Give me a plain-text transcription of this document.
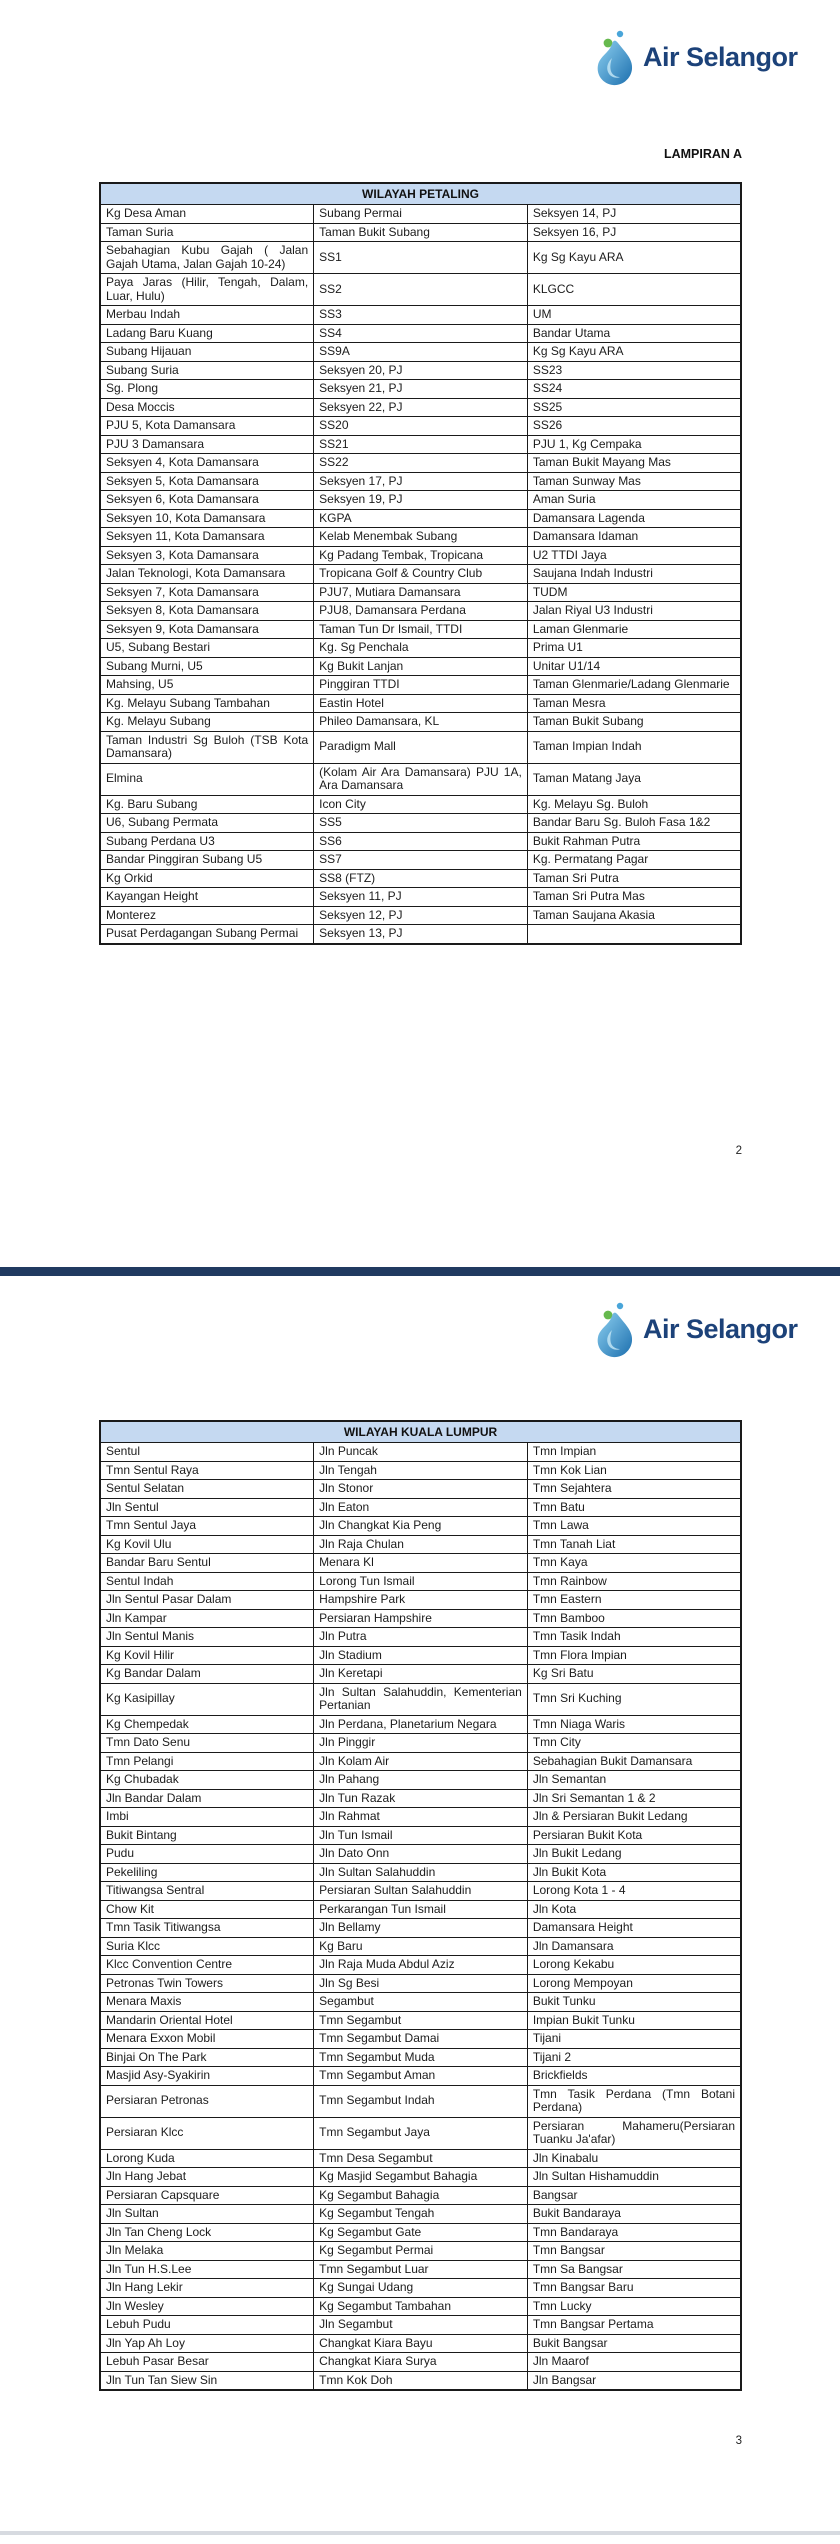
Air Selangor
LAMPIRAN A
WILAYAH PETALING		
Kg Desa Aman	Subang Permai	Seksyen 14, PJ
Taman Suria	Taman Bukit Subang	Seksyen 16, PJ
Sebahagian Kubu Gajah ( Jalan Gajah Utama, Jalan Gajah 10-24)	SS1	Kg Sg Kayu ARA
Paya Jaras (Hilir, Tengah, Dalam, Luar, Hulu)	SS2	KLGCC
Merbau Indah	SS3	UM
Ladang Baru Kuang	SS4	Bandar Utama
Subang Hijauan	SS9A	Kg Sg Kayu ARA
Subang Suria	Seksyen 20, PJ	SS23
Sg. Plong	Seksyen 21, PJ	SS24
Desa Moccis	Seksyen 22, PJ	SS25
PJU 5, Kota Damansara	SS20	SS26
PJU 3 Damansara	SS21	PJU 1, Kg Cempaka
Seksyen 4, Kota Damansara	SS22	Taman Bukit Mayang Mas
Seksyen 5, Kota Damansara	Seksyen 17, PJ	Taman Sunway Mas
Seksyen 6, Kota Damansara	Seksyen 19, PJ	Aman Suria
Seksyen 10, Kota Damansara	KGPA	Damansara Lagenda
Seksyen 11, Kota Damansara	Kelab Menembak Subang	Damansara Idaman
Seksyen 3, Kota Damansara	Kg Padang Tembak, Tropicana	U2 TTDI Jaya
Jalan Teknologi, Kota Damansara	Tropicana Golf & Country Club	Saujana Indah Industri
Seksyen 7, Kota Damansara	PJU7, Mutiara Damansara	TUDM
Seksyen 8, Kota Damansara	PJU8, Damansara Perdana	Jalan Riyal U3 Industri
Seksyen 9, Kota Damansara	Taman Tun Dr Ismail, TTDI	Laman Glenmarie
U5, Subang Bestari	Kg. Sg Penchala	Prima U1
Subang Murni, U5	Kg Bukit Lanjan	Unitar U1/14
Mahsing, U5	Pinggiran TTDI	Taman Glenmarie/Ladang Glenmarie
Kg. Melayu Subang Tambahan	Eastin Hotel	Taman Mesra
Kg. Melayu Subang	Phileo Damansara, KL	Taman Bukit Subang
Taman Industri Sg Buloh (TSB Kota Damansara)	Paradigm Mall	Taman Impian Indah
Elmina	(Kolam Air Ara Damansara) PJU 1A, Ara Damansara	Taman Matang Jaya
Kg. Baru Subang	Icon City	Kg. Melayu Sg. Buloh
U6, Subang Permata	SS5	Bandar Baru Sg. Buloh Fasa 1&2
Subang Perdana U3	SS6	Bukit Rahman Putra
Bandar Pinggiran Subang U5	SS7	Kg. Permatang Pagar
Kg Orkid	SS8 (FTZ)	Taman Sri Putra
Kayangan Height	Seksyen 11, PJ	Taman Sri Putra Mas
Monterez	Seksyen 12, PJ	Taman Saujana Akasia
Pusat Perdagangan Subang Permai	Seksyen 13, PJ	
2
Air Selangor
WILAYAH KUALA LUMPUR		
Sentul	Jln Puncak	Tmn Impian
Tmn Sentul Raya	Jln Tengah	Tmn Kok Lian
Sentul Selatan	Jln Stonor	Tmn Sejahtera
Jln Sentul	Jln Eaton	Tmn Batu
Tmn Sentul Jaya	Jln Changkat Kia Peng	Tmn Lawa
Kg Kovil Ulu	Jln Raja Chulan	Tmn Tanah Liat
Bandar Baru Sentul	Menara Kl	Tmn Kaya
Sentul Indah	Lorong Tun Ismail	Tmn Rainbow
Jln Sentul Pasar Dalam	Hampshire Park	Tmn Eastern
Jln Kampar	Persiaran Hampshire	Tmn Bamboo
Jln Sentul Manis	Jln Putra	Tmn Tasik Indah
Kg Kovil Hilir	Jln Stadium	Tmn Flora Impian
Kg Bandar Dalam	Jln Keretapi	Kg Sri Batu
Kg Kasipillay	Jln Sultan Salahuddin, Kementerian Pertanian	Tmn Sri Kuching
Kg Chempedak	Jln Perdana, Planetarium Negara	Tmn Niaga Waris
Tmn Dato Senu	Jln Pinggir	Tmn City
Tmn Pelangi	Jln Kolam Air	Sebahagian Bukit Damansara
Kg Chubadak	Jln Pahang	Jln Semantan
Jln Bandar Dalam	Jln Tun Razak	Jln Sri Semantan 1 & 2
Imbi	Jln Rahmat	Jln & Persiaran Bukit Ledang
Bukit Bintang	Jln Tun Ismail	Persiaran Bukit Kota
Pudu	Jln Dato Onn	Jln Bukit Ledang
Pekeliling	Jln Sultan Salahuddin	Jln Bukit Kota
Titiwangsa Sentral	Persiaran Sultan Salahuddin	Lorong Kota 1 - 4
Chow Kit	Perkarangan Tun Ismail	Jln Kota
Tmn Tasik Titiwangsa	Jln Bellamy	Damansara Height
Suria Klcc	Kg Baru	Jln Damansara
Klcc Convention Centre	Jln Raja Muda Abdul Aziz	Lorong Kekabu
Petronas Twin Towers	Jln Sg Besi	Lorong Mempoyan
Menara Maxis	Segambut	Bukit Tunku
Mandarin Oriental Hotel	Tmn Segambut	Impian Bukit Tunku
Menara Exxon Mobil	Tmn Segambut Damai	Tijani
Binjai On The Park	Tmn Segambut Muda	Tijani 2
Masjid Asy-Syakirin	Tmn Segambut Aman	Brickfields
Persiaran Petronas	Tmn Segambut Indah	Tmn Tasik Perdana (Tmn Botani Perdana)
Persiaran Klcc	Tmn Segambut Jaya	Persiaran Mahameru(Persiaran Tuanku Ja'afar)
Lorong Kuda	Tmn Desa Segambut	Jln Kinabalu
Jln Hang Jebat	Kg Masjid Segambut Bahagia	Jln Sultan Hishamuddin
Persiaran Capsquare	Kg Segambut Bahagia	Bangsar
Jln Sultan	Kg Segambut Tengah	Bukit Bandaraya
Jln Tan Cheng Lock	Kg Segambut Gate	Tmn Bandaraya
Jln Melaka	Kg Segambut Permai	Tmn Bangsar
Jln Tun H.S.Lee	Tmn Segambut Luar	Tmn Sa Bangsar
Jln Hang Lekir	Kg Sungai Udang	Tmn Bangsar Baru
Jln Wesley	Kg Segambut Tambahan	Tmn Lucky
Lebuh Pudu	Jln Segambut	Tmn Bangsar Pertama
Jln Yap Ah Loy	Changkat Kiara Bayu	Bukit Bangsar
Lebuh Pasar Besar	Changkat Kiara Surya	Jln Maarof
Jln Tun Tan Siew Sin	Tmn Kok Doh	Jln Bangsar
3
